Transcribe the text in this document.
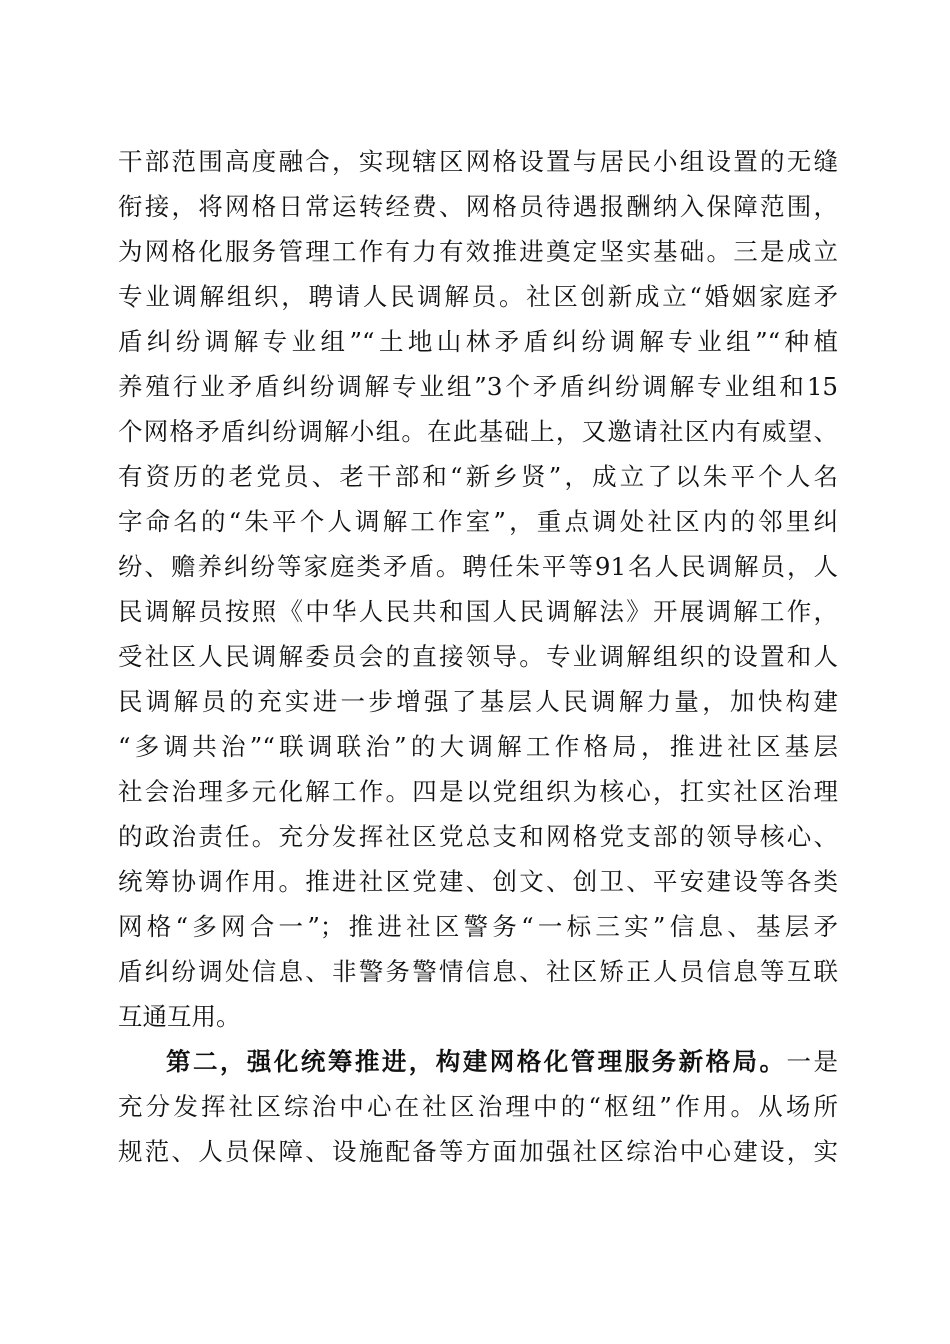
干部范围高度融合，实现辖区网格设置与居民小组设置的无缝
衔接，将网格日常运转经费、网格员待遇报酬纳入保障范围，
为网格化服务管理工作有力有效推进奠定坚实基础。三是成立
专业调解组织，聘请人民调解员。社区创新成立“婚姻家庭矛
盾纠纷调解专业组”“土地山林矛盾纠纷调解专业组”“种植
养殖行业矛盾纠纷调解专业组”3个矛盾纠纷调解专业组和15
个网格矛盾纠纷调解小组。在此基础上，又邀请社区内有威望、
有资历的老党员、老干部和“新乡贤”，成立了以朱平个人名
字命名的“朱平个人调解工作室”，重点调处社区内的邻里纠
纷、赡养纠纷等家庭类矛盾。聘任朱平等91名人民调解员，人
民调解员按照《中华人民共和国人民调解法》开展调解工作，
受社区人民调解委员会的直接领导。专业调解组织的设置和人
民调解员的充实进一步增强了基层人民调解力量，加快构建
“多调共治”“联调联治”的大调解工作格局，推进社区基层
社会治理多元化解工作。四是以党组织为核心，扛实社区治理
的政治责任。充分发挥社区党总支和网格党支部的领导核心、
统筹协调作用。推进社区党建、创文、创卫、平安建设等各类
网格“多网合一”；推进社区警务“一标三实”信息、基层矛
盾纠纷调处信息、非警务警情信息、社区矫正人员信息等互联
互通互用。
第二，强化统筹推进，构建网格化管理服务新格局。一是
充分发挥社区综治中心在社区治理中的“枢纽”作用。从场所
规范、人员保障、设施配备等方面加强社区综治中心建设，实
